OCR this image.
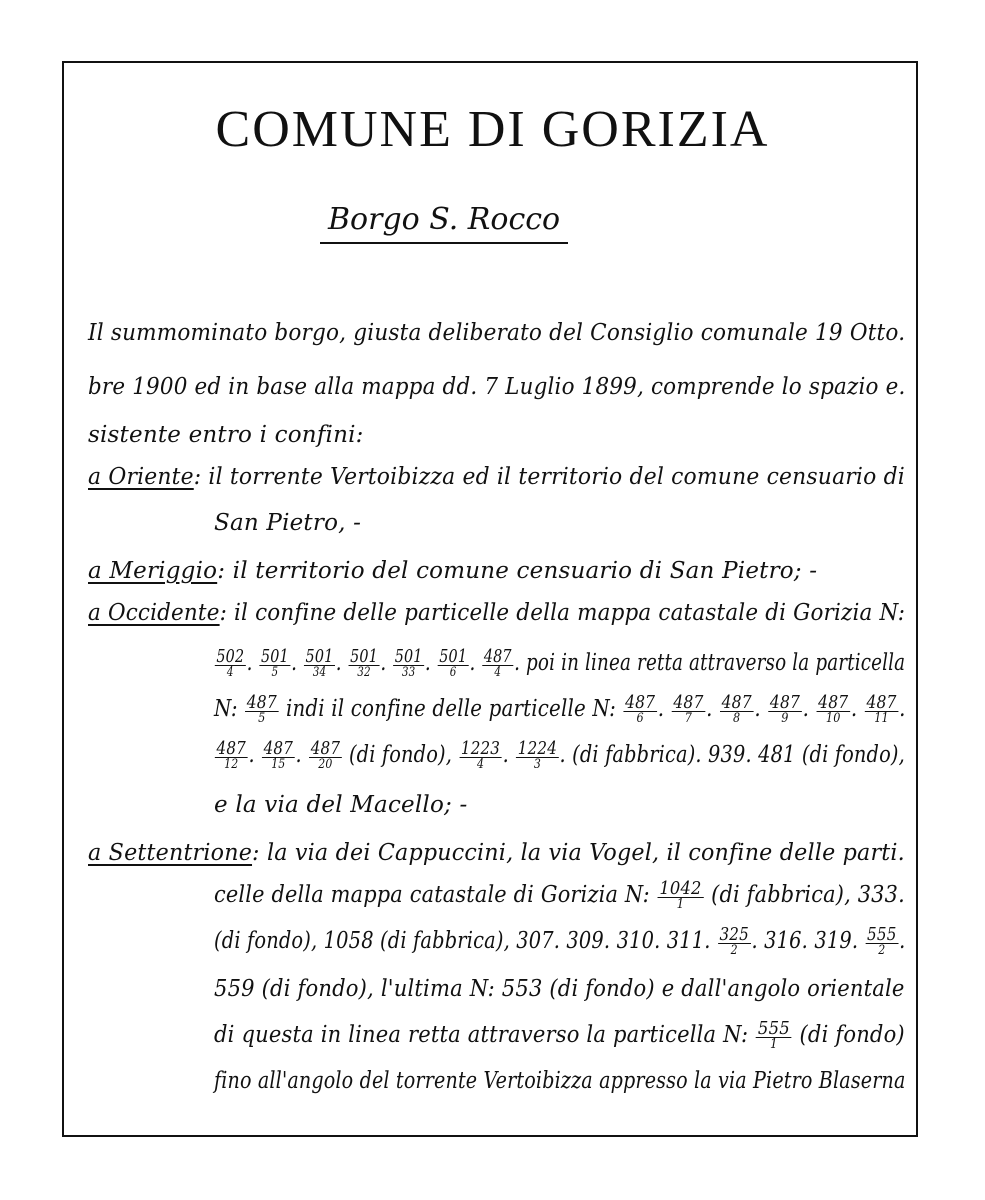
COMUNE DI GORIZIA
Borgo S. Rocco
Il summominato borgo, giusta deliberato del Consiglio comunale 19 Otto.
bre 1900 ed in base alla mappa dd. 7 Luglio 1899, comprende lo spazio e.
sistente entro i confini:
a Oriente: il torrente Vertoibizza ed il territorio del comune censuario di
San Pietro, -
a Meriggio: il territorio del comune censuario di San Pietro; -
a Occidente: il confine delle particelle della mappa catastale di Gorizia N:
$\frac{502}{4}$ . $\frac{501}{5}$ . $\frac{501}{34}$ . $\frac{501}{32}$ . $\frac{501}{33}$ . $\frac{501}{6}$ . $\frac{487}{4}$ . poi in linea retta attraverso la particella
N: $\frac{487}{5}$ indi il confine delle particelle N: $\frac{487}{6}$ . $\frac{487}{7}$ . $\frac{487}{8}$ . $\frac{487}{9}$ . $\frac{487}{10}$ . $\frac{487}{11}$ .
$\frac{487}{12}$ . $\frac{487}{15}$ . $\frac{487}{20} (di$ fondo), $\frac{1223}{4}$ . $\frac{1224}{3}$ . (di fabbrica). 939. 481 (di fondo),
e la via del Macello; -
a Settentrione: la via dei Cappuccini, la via Vogel, il confine delle parti.
celle della mappa catastale di Gorizia N: $\frac{1042}{1} (di$ fabbrica), 333.
(di fondo), 1058 (di fabbrica), 307. 309. 310. 311. $\frac{325}{2}$ . 316. 319. $\frac{555}{2}$ .
559 (di fondo), l'ultima N: 553 (di fondo) e dall'angolo orientale
di questa in linea retta attraverso la particella N: $\frac{555}{1} (di$ fondo)
fino all'angolo del torrente Vertoibizza appresso la via Pietro Blaserna
